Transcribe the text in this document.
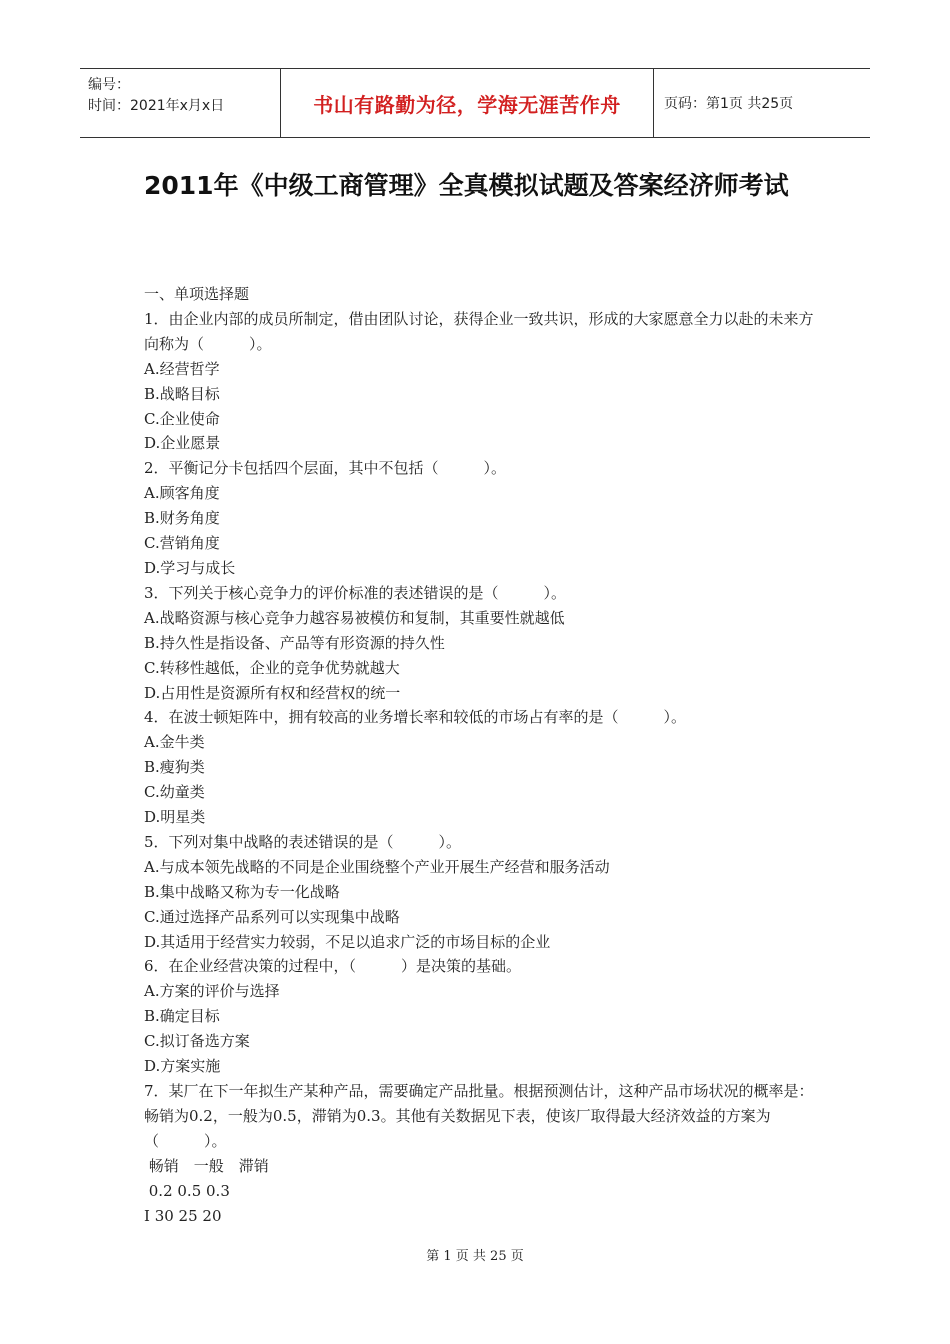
编号：
时间：2021年x月x日	书山有路勤为径，学海无涯苦作舟	页码：第1页 共25页
2011年《中级工商管理》全真模拟试题及答案经济师考试
一、单项选择题
1．由企业内部的成员所制定，借由团队讨论，获得企业一致共识，形成的大家愿意全力以赴的未来方向称为（　　　）。
A.经营哲学
B.战略目标
C.企业使命
D.企业愿景
2．平衡记分卡包括四个层面，其中不包括（　　　）。
A.顾客角度
B.财务角度
C.营销角度
D.学习与成长
3．下列关于核心竞争力的评价标准的表述错误的是（　　　）。
A.战略资源与核心竞争力越容易被模仿和复制，其重要性就越低
B.持久性是指设备、产品等有形资源的持久性
C.转移性越低，企业的竞争优势就越大
D.占用性是资源所有权和经营权的统一
4．在波士顿矩阵中，拥有较高的业务增长率和较低的市场占有率的是（　　　）。
A.金牛类
B.瘦狗类
C.幼童类
D.明星类
5．下列对集中战略的表述错误的是（　　　）。
A.与成本领先战略的不同是企业围绕整个产业开展生产经营和服务活动
B.集中战略又称为专一化战略
C.通过选择产品系列可以实现集中战略
D.其适用于经营实力较弱，不足以追求广泛的市场目标的企业
6．在企业经营决策的过程中，（　　　）是决策的基础。
A.方案的评价与选择
B.确定目标
C.拟订备选方案
D.方案实施
7．某厂在下一年拟生产某种产品，需要确定产品批量。根据预测估计，这种产品市场状况的概率是：畅销为0.2，一般为0.5，滞销为0.3。其他有关数据见下表，使该厂取得最大经济效益的方案为（　　　）。
畅销　一般　滞销
0.2 0.5 0.3
Ⅰ 30 25 20
第 1 页 共 25 页
